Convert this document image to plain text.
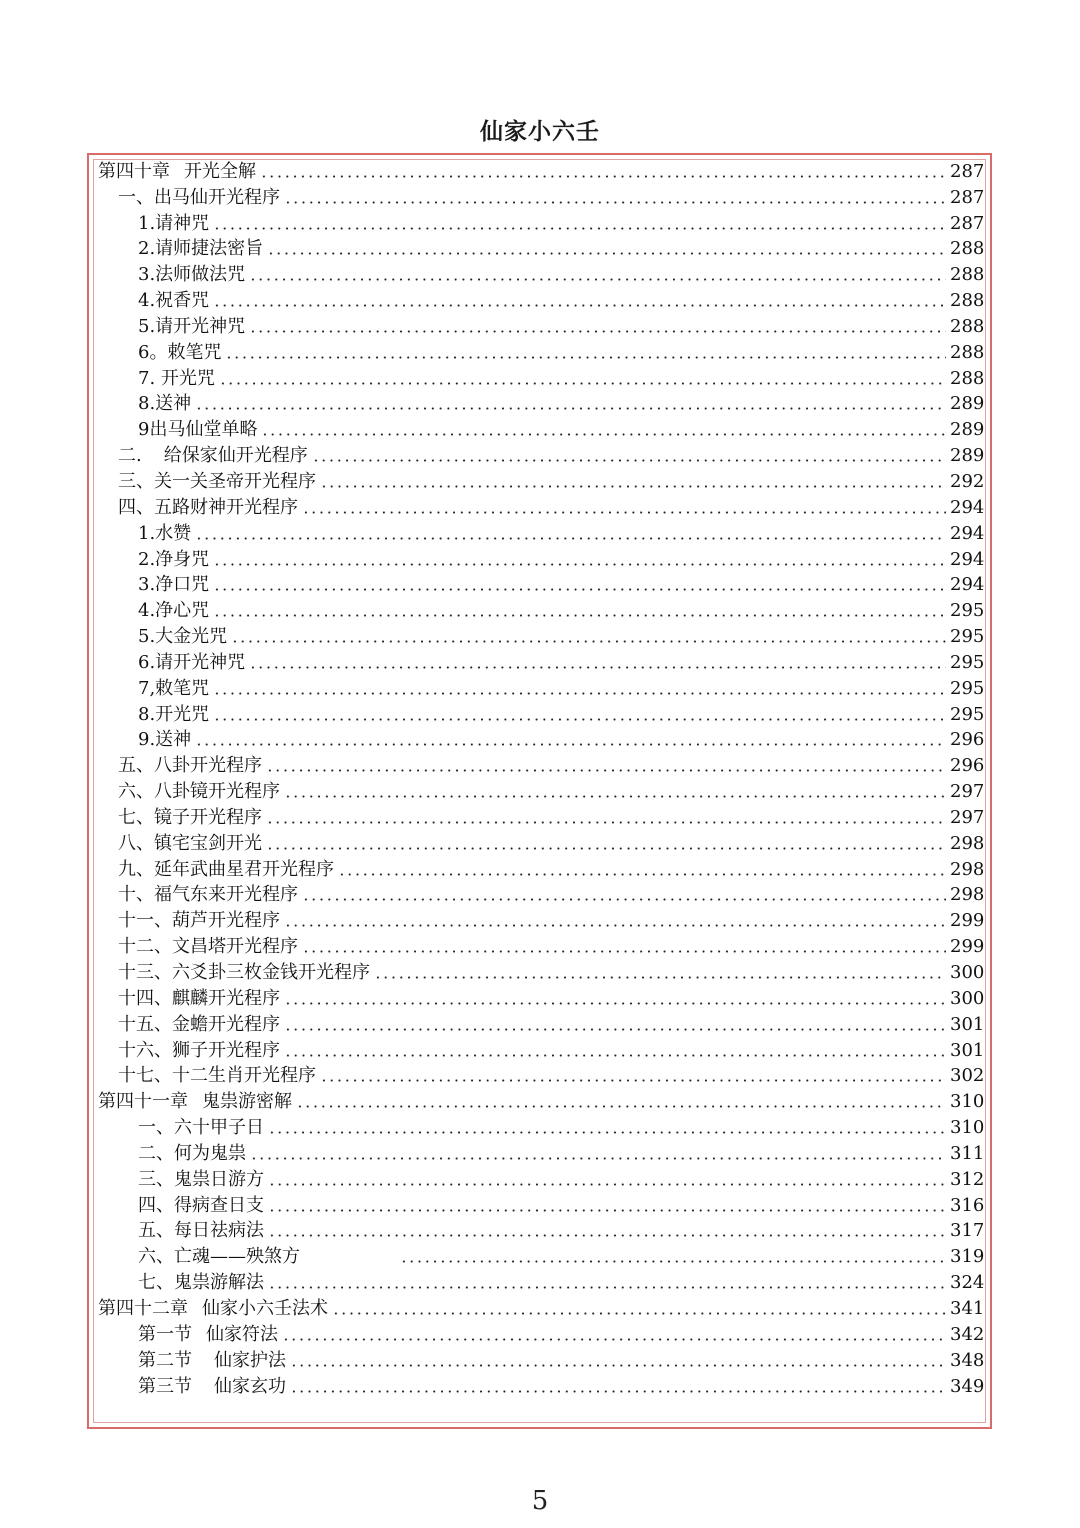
仙家小六壬
第四十章 开光全解	287
一、出马仙开光程序	287
1.请神咒	287
2.请师捷法密旨	288
3.法师做法咒	288
4.祝香咒	288
5.请开光神咒	288
6。敕笔咒	288
7. 开光咒	288
8.送神	289
9出马仙堂单略	289
二. 给保家仙开光程序	289
三、关一关圣帝开光程序	292
四、五路财神开光程序	294
1.水赞	294
2.净身咒	294
3.净口咒	294
4.净心咒	295
5.大金光咒	295
6.请开光神咒	295
7,敕笔咒	295
8.开光咒	295
9.送神	296
五、八卦开光程序	296
六、八卦镜开光程序	297
七、镜子开光程序	297
八、镇宅宝剑开光	298
九、延年武曲星君开光程序	298
十、福气东来开光程序	298
十一、葫芦开光程序	299
十二、文昌塔开光程序	299
十三、六爻卦三枚金钱开光程序	300
十四、麒麟开光程序	300
十五、金蟾开光程序	301
十六、狮子开光程序	301
十七、十二生肖开光程序	302
第四十一章 鬼祟游密解	310
一、六十甲子日	310
二、何为鬼祟	311
三、鬼祟日游方	312
四、得病查日支	316
五、每日祛病法	317
六、亡魂——殃煞方	319
七、鬼祟游解法	324
第四十二章 仙家小六壬法术	341
第一节 仙家符法	342
第二节 仙家护法	348
第三节 仙家玄功	349
5
